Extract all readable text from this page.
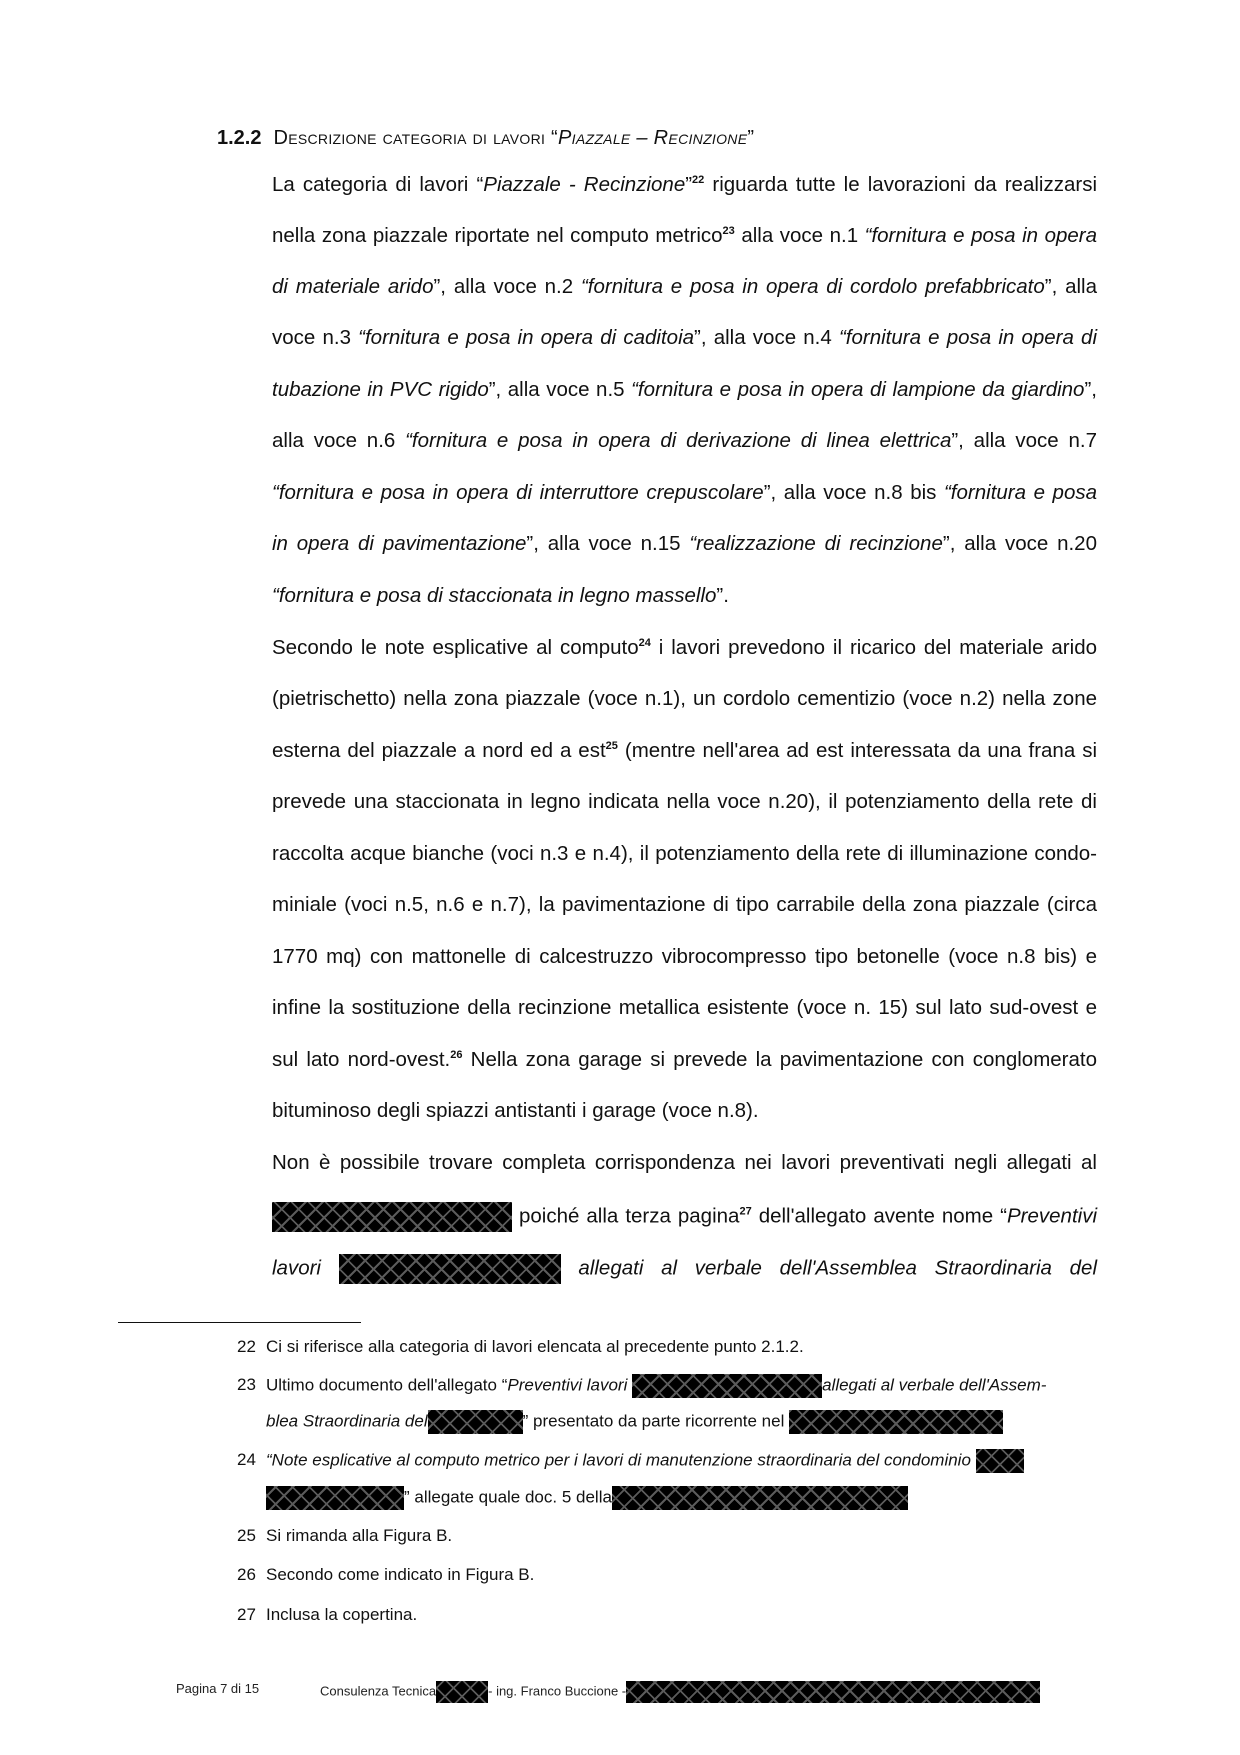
1.2.2 Descrizione categoria di lavori “Piazzale – Recinzione”
La categoria di lavori “Piazzale - Recinzione”$^{22}$ riguarda tutte le lavorazioni da realizzarsi
nella zona piazzale riportate nel computo metrico$^{23}$ alla voce n.1 “fornitura e posa in opera
di materiale arido”, alla voce n.2 “fornitura e posa in opera di cordolo prefabbricato”, alla
voce n.3 “fornitura e posa in opera di caditoia”, alla voce n.4 “fornitura e posa in opera di
tubazione in PVC rigido”, alla voce n.5 “fornitura e posa in opera di lampione da giardino”,
alla voce n.6 “fornitura e posa in opera di derivazione di linea elettrica”, alla voce n.7
“fornitura e posa in opera di interruttore crepuscolare”, alla voce n.8 bis “fornitura e posa
in opera di pavimentazione”, alla voce n.15 “realizzazione di recinzione”, alla voce n.20
“fornitura e posa di staccionata in legno massello”.
Secondo le note esplicative al computo$^{24}$ i lavori prevedono il ricarico del materiale arido
(pietrischetto) nella zona piazzale (voce n.1), un cordolo cementizio (voce n.2) nella zone
esterna del piazzale a nord ed a est$^{25}$ (mentre nell'area ad est interessata da una frana si
prevede una staccionata in legno indicata nella voce n.20), il potenziamento della rete di
raccolta acque bianche (voci n.3 e n.4), il potenziamento della rete di illuminazione condo-
miniale (voci n.5, n.6 e n.7), la pavimentazione di tipo carrabile della zona piazzale (circa
1770 mq) con mattonelle di calcestruzzo vibrocompresso tipo betonelle (voce n.8 bis) e
infine la sostituzione della recinzione metallica esistente (voce n. 15) sul lato sud-ovest e
sul lato nord-ovest.$^{26}$ Nella zona garage si prevede la pavimentazione con conglomerato
bituminoso degli spiazzi antistanti i garage (voce n.8).
Non è possibile trovare completa corrispondenza nei lavori preventivati negli allegati al
poiché alla terza pagina$^{27}$ dell'allegato avente nome “Preventivi
lavori	allegati al verbale dell'Assemblea Straordinaria del
22 Ci si riferisce alla categoria di lavori elencata al precedente punto 2.1.2.
23 Ultimo documento dell'allegato “Preventivi lavori	allegati al verbale dell'Assem-
blea Straordinaria del	” presentato da parte ricorrente nel
24 “Note esplicative al computo metrico per i lavori di manutenzione straordinaria del condominio
” allegate quale doc. 5 della
25 Si rimanda alla Figura B.
26 Secondo come indicato in Figura B.
27 Inclusa la copertina.
Pagina 7 di 15	Consulenza Tecnica	- ing. Franco Buccione -
